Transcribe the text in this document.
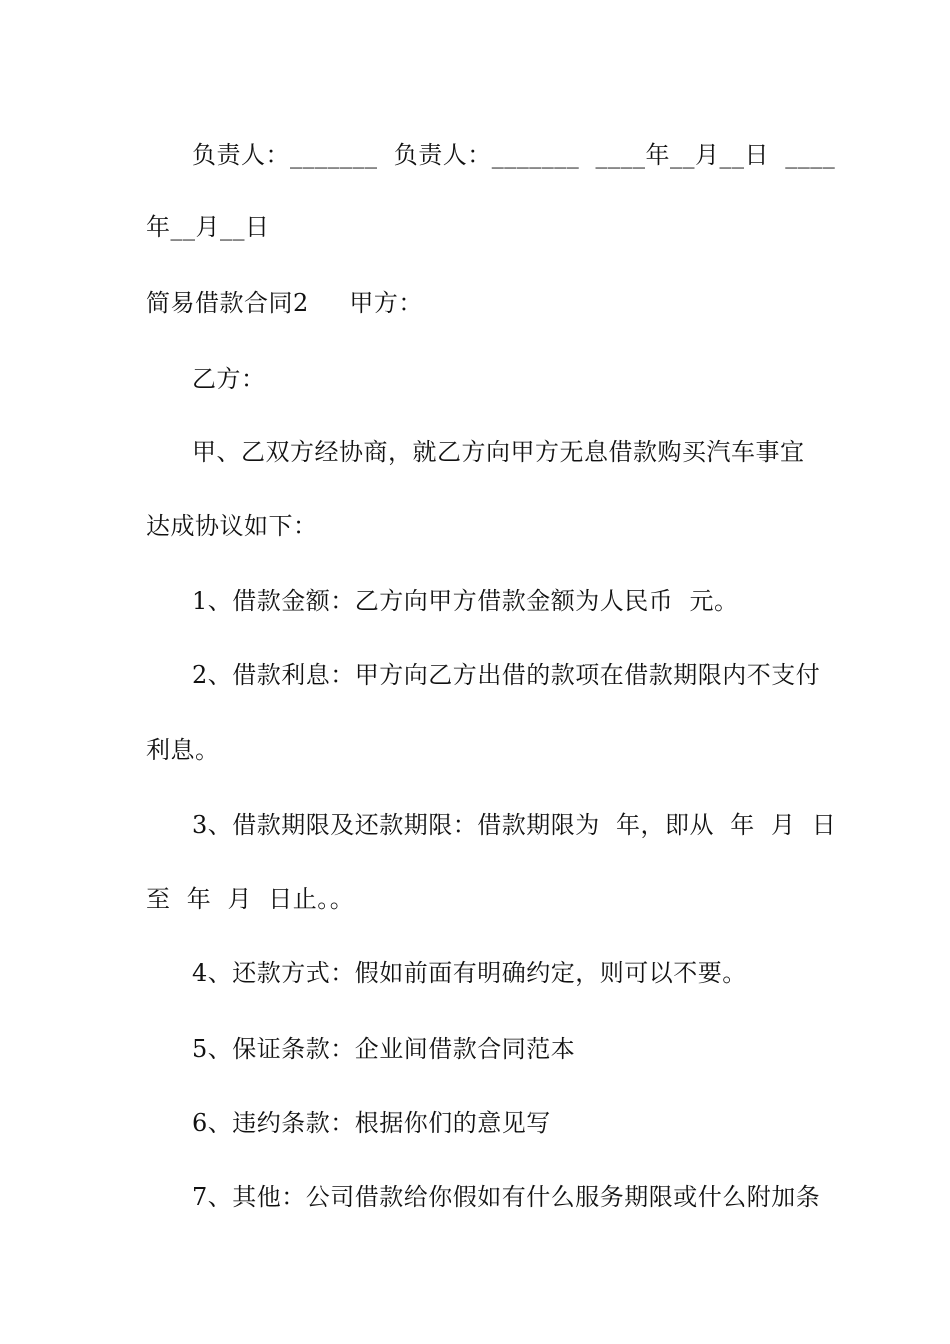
负责人：_______  负责人：_______  ____年__月__日  ____
年__月__日
简易借款合同2     甲方：
乙方：
甲、乙双方经协商，就乙方向甲方无息借款购买汽车事宜
达成协议如下：
1、借款金额：乙方向甲方借款金额为人民币  元。
2、借款利息：甲方向乙方出借的款项在借款期限内不支付
利息。
3、借款期限及还款期限：借款期限为  年，即从  年  月  日
至  年  月  日止。。
4、还款方式：假如前面有明确约定，则可以不要。
5、保证条款：企业间借款合同范本
6、违约条款：根据你们的意见写
7、其他：公司借款给你假如有什么服务期限或什么附加条
